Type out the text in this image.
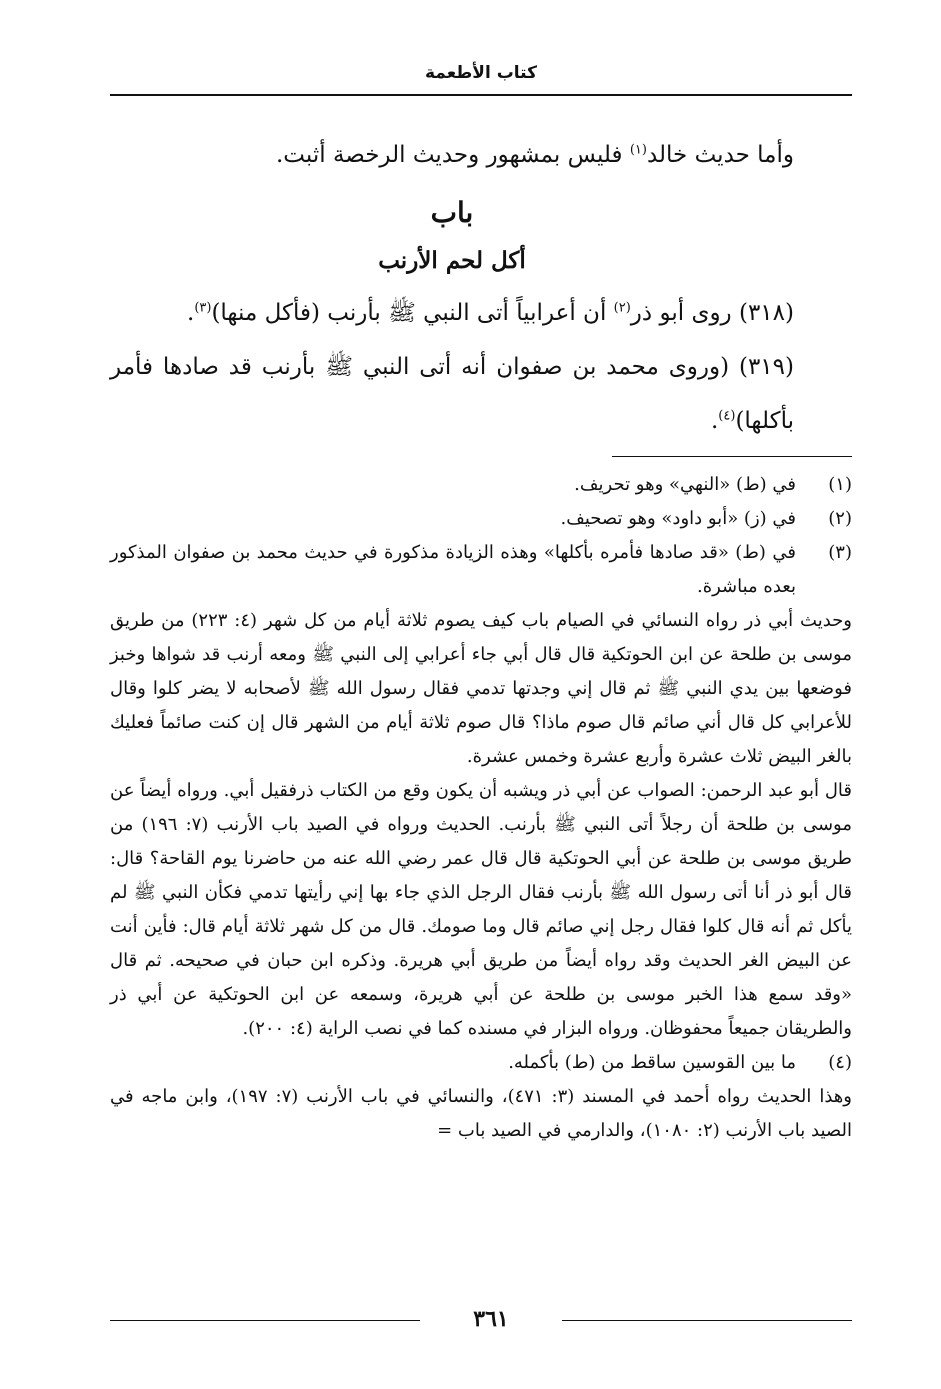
كتاب الأطعمة

وأما حديث خالد$^{(١)}$ فليس بمشهور وحديث الرخصة أثبت.

باب

أكل لحم الأرنب

(٣١٨) روى أبو ذر$^{(٢)}$ أن أعرابياً أتى النبي ﷺ بأرنب (فأكل منها)$^{(٣)}$.

(٣١٩) (وروى محمد بن صفوان أنه أتى النبي ﷺ بأرنب قد صادها فأمر بأكلها)$^{(٤)}$.

(١)
في (ط) «النهي» وهو تحريف.
(٢)
في (ز) «أبو داود» وهو تصحيف.
(٣)
في (ط) «قد صادها فأمره بأكلها» وهذه الزيادة مذكورة في حديث محمد بن صفوان المذكور بعده مباشرة.

وحديث أبي ذر رواه النسائي في الصيام باب كيف يصوم ثلاثة أيام من كل شهر (٤: ٢٢٣) من طريق موسى بن طلحة عن ابن الحوتكية قال قال أبي جاء أعرابي إلى النبي ﷺ ومعه أرنب قد شواها وخبز فوضعها بين يدي النبي ﷺ ثم قال إني وجدتها تدمي فقال رسول الله ﷺ لأصحابه لا يضر كلوا وقال للأعرابي كل قال أني صائم قال صوم ماذا؟ قال صوم ثلاثة أيام من الشهر قال إن كنت صائماً فعليك بالغر البيض ثلاث عشرة وأربع عشرة وخمس عشرة.

قال أبو عبد الرحمن: الصواب عن أبي ذر ويشبه أن يكون وقع من الكتاب ذرفقيل أبي. ورواه أيضاً عن موسى بن طلحة أن رجلاً أتى النبي ﷺ بأرنب. الحديث ورواه في الصيد باب الأرنب (٧: ١٩٦) من طريق موسى بن طلحة عن أبي الحوتكية قال قال عمر رضي الله عنه من حاضرنا يوم القاحة؟ قال: قال أبو ذر أنا أتى رسول الله ﷺ بأرنب فقال الرجل الذي جاء بها إني رأيتها تدمي فكأن النبي ﷺ لم يأكل ثم أنه قال كلوا فقال رجل إني صائم قال وما صومك. قال من كل شهر ثلاثة أيام قال: فأين أنت عن البيض الغر الحديث وقد رواه أيضاً من طريق أبي هريرة. وذكره ابن حبان في صحيحه. ثم قال «وقد سمع هذا الخبر موسى بن طلحة عن أبي هريرة، وسمعه عن ابن الحوتكية عن أبي ذر والطريقان جميعاً محفوظان. ورواه البزار في مسنده كما في نصب الراية (٤: ٢٠٠).

(٤)
ما بين القوسين ساقط من (ط) بأكمله.

وهذا الحديث رواه أحمد في المسند (٣: ٤٧١)، والنسائي في باب الأرنب (٧: ١٩٧)، وابن ماجه في الصيد باب الأرنب (٢: ١٠٨٠)، والدارمي في الصيد باب =

٣٦١
